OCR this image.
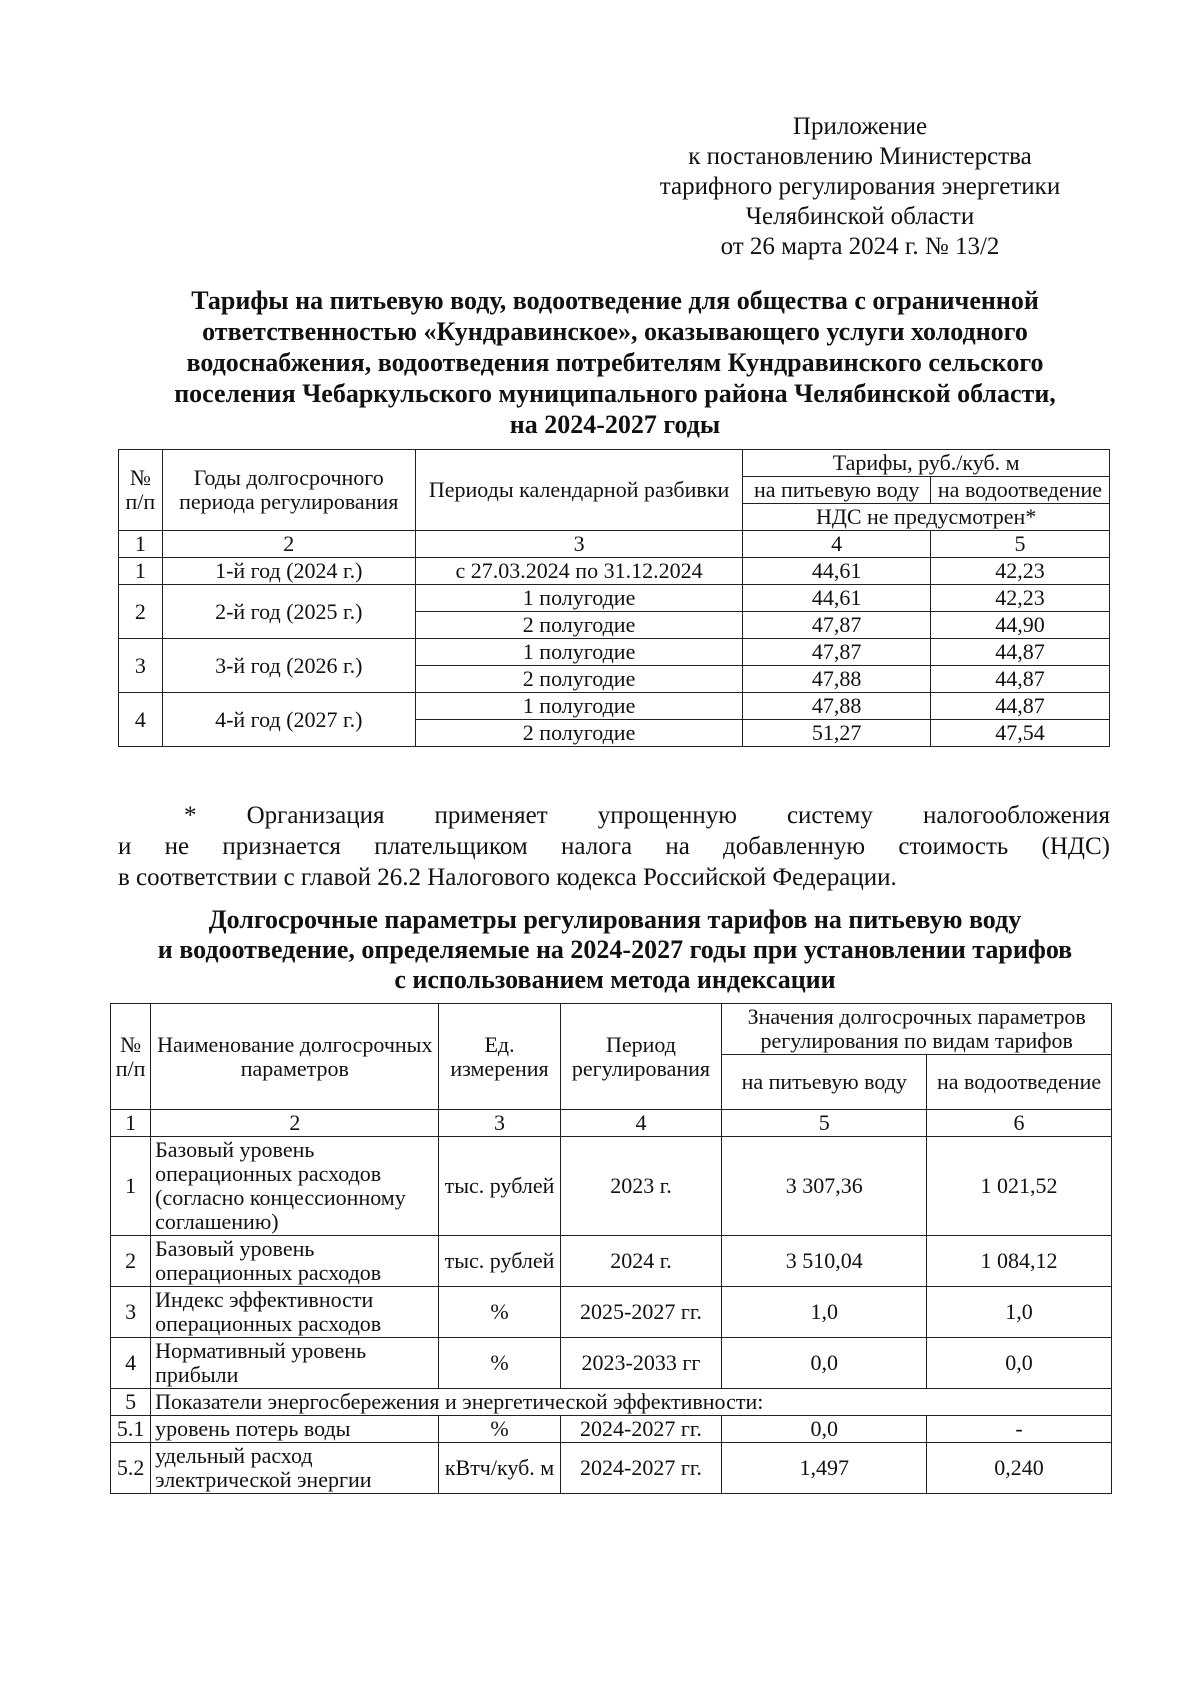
Приложение
к постановлению Министерства
тарифного регулирования энергетики
Челябинской области
от 26 марта 2024 г. № 13/2
Тарифы на питьевую воду, водоотведение для общества с ограниченной
ответственностью «Кундравинское», оказывающего услуги холодного
водоснабжения, водоотведения потребителям Кундравинского сельского
поселения Чебаркульского муниципального района Челябинской области,
на 2024-2027 годы
№ п/п	Годы долгосрочного периода регулирования	Периоды календарной разбивки	Тарифы, руб./куб. м	
			на питьевую воду	на водоотведение
			НДС не предусмотрен*	
1	2	3	4	5
1	1-й год (2024 г.)	с 27.03.2024 по 31.12.2024	44,61	42,23
2	2-й год (2025 г.)	1 полугодие	44,61	42,23
		2 полугодие	47,87	44,90
3	3-й год (2026 г.)	1 полугодие	47,87	44,87
		2 полугодие	47,88	44,87
4	4-й год (2027 г.)	1 полугодие	47,88	44,87
		2 полугодие	51,27	47,54
* Организация применяет упрощенную системy налогообложения
и не признается плательщиком налога на добавленную стоимость (НДС)
в соответствии с главой 26.2 Налогового кодекса Российской Федерации.
Долгосрочные параметры регулирования тарифов на питьевую воду
и водоотведение, определяемые на 2024-2027 годы при установлении тарифов
с использованием метода индексации
№ п/п	Наименование долгосрочных параметров	Ед. измерения	Период регулирования	Значения долгосрочных параметров регулирования по видам тарифов	
				на питьевую воду	на водоотведение
1	2	3	4	5	6
1	Базовый уровень операционных расходов (согласно концессионному соглашению)	тыс. рублей	2023 г.	3 307,36	1 021,52
2	Базовый уровень операционных расходов	тыс. рублей	2024 г.	3 510,04	1 084,12
3	Индекс эффективности операционных расходов	%	2025-2027 гг.	1,0	1,0
4	Нормативный уровень прибыли	%	2023-2033 гг	0,0	0,0
5	Показатели энергосбережения и энергетической эффективности:				
5.1	уровень потерь воды	%	2024-2027 гг.	0,0	-
5.2	удельный расход электрической энергии	кВтч/куб. м	2024-2027 гг.	1,497	0,240
